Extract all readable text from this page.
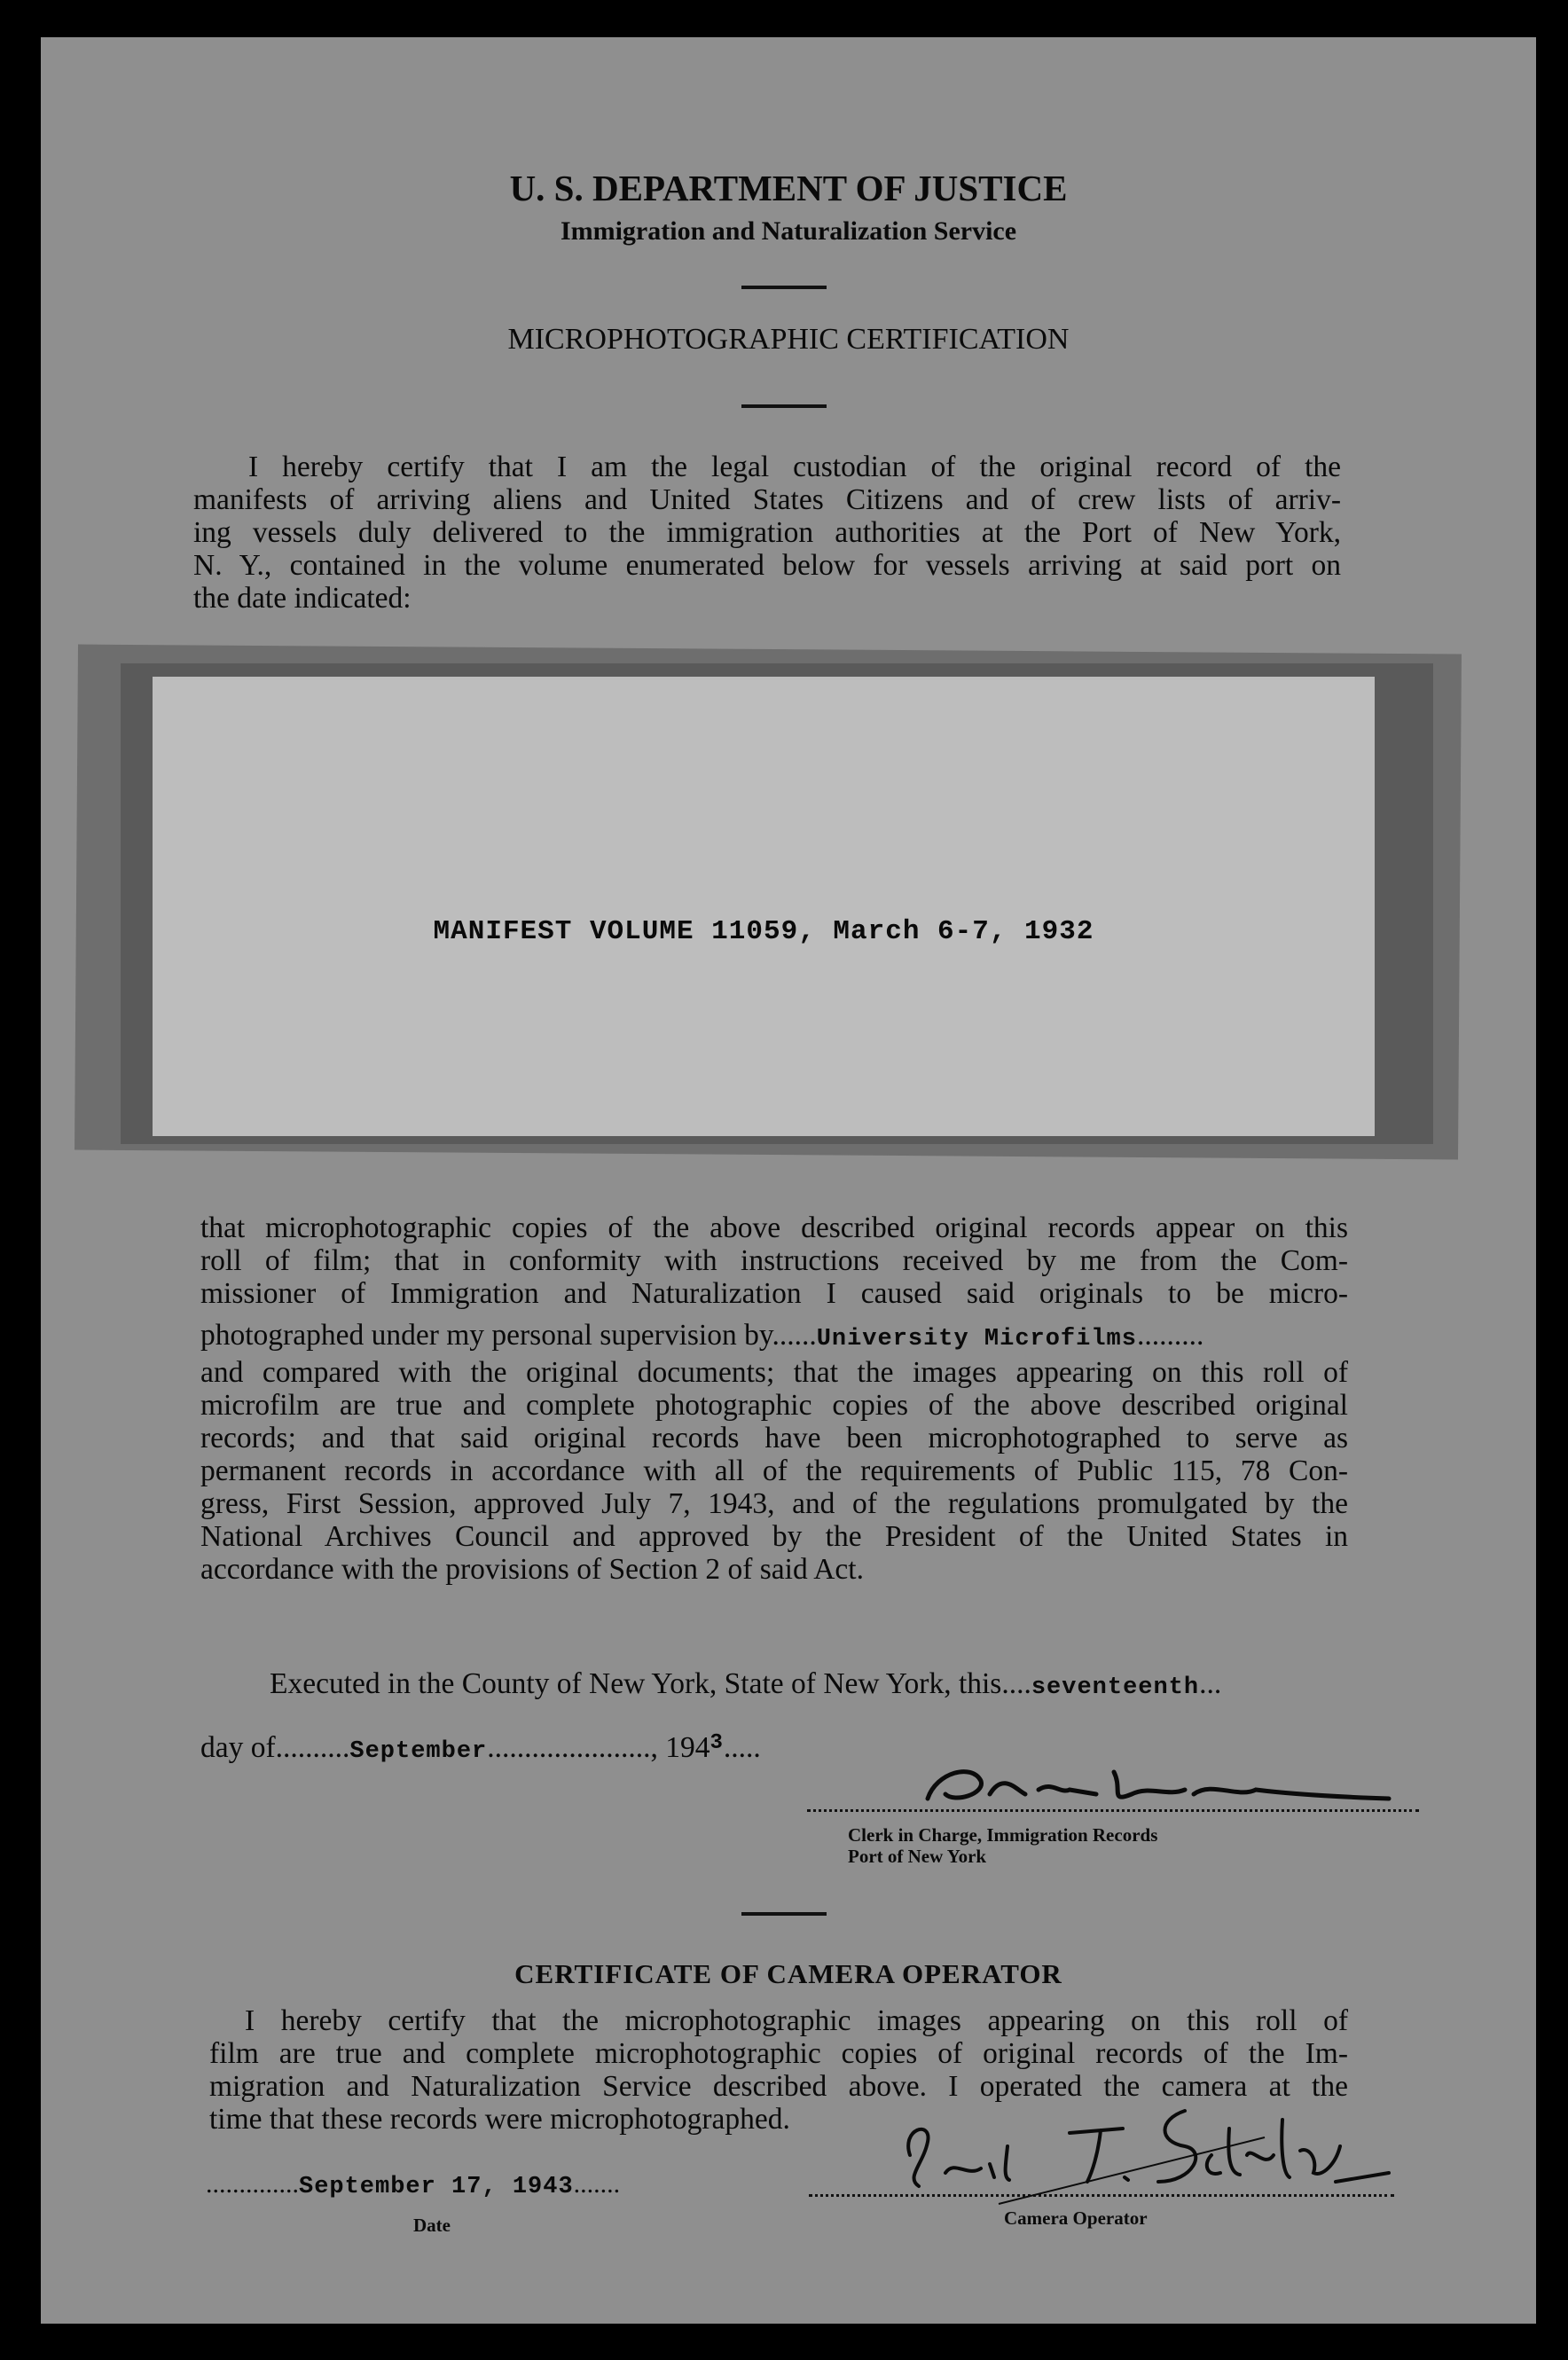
U. S. DEPARTMENT OF JUSTICE
Immigration and Naturalization Service
MICROPHOTOGRAPHIC CERTIFICATION
I hereby certify that I am the legal custodian of the original record of the
manifests of arriving aliens and United States Citizens and of crew lists of arriv-
ing vessels duly delivered to the immigration authorities at the Port of New York,
N. Y., contained in the volume enumerated below for vessels arriving at said port on
the date indicated:
MANIFEST VOLUME 11059, March 6-7, 1932
that microphotographic copies of the above described original records appear on this
roll of film; that in conformity with instructions received by me from the Com-
missioner of Immigration and Naturalization I caused said originals to be micro-
photographed under my personal supervision by......University Microfilms.........
and compared with the original documents; that the images appearing on this roll of
microfilm are true and complete photographic copies of the above described original
records; and that said original records have been microphotographed to serve as
permanent records in accordance with all of the requirements of Public 115, 78 Con-
gress, First Session, approved July 7, 1943, and of the regulations promulgated by the
National Archives Council and approved by the President of the United States in
accordance with the provisions of Section 2 of said Act.
Executed in the County of New York, State of New York, this....seventeenth...
day of..........September......................, $194^3$.....
Clerk in Charge, Immigration Records
Port of New York
CERTIFICATE OF CAMERA OPERATOR
I hereby certify that the microphotographic images appearing on this roll of
film are true and complete microphotographic copies of original records of the Im-
migration and Naturalization Service described above. I operated the camera at the
time that these records were microphotographed.
..............September 17, 1943.......
Date	Camera Operator
